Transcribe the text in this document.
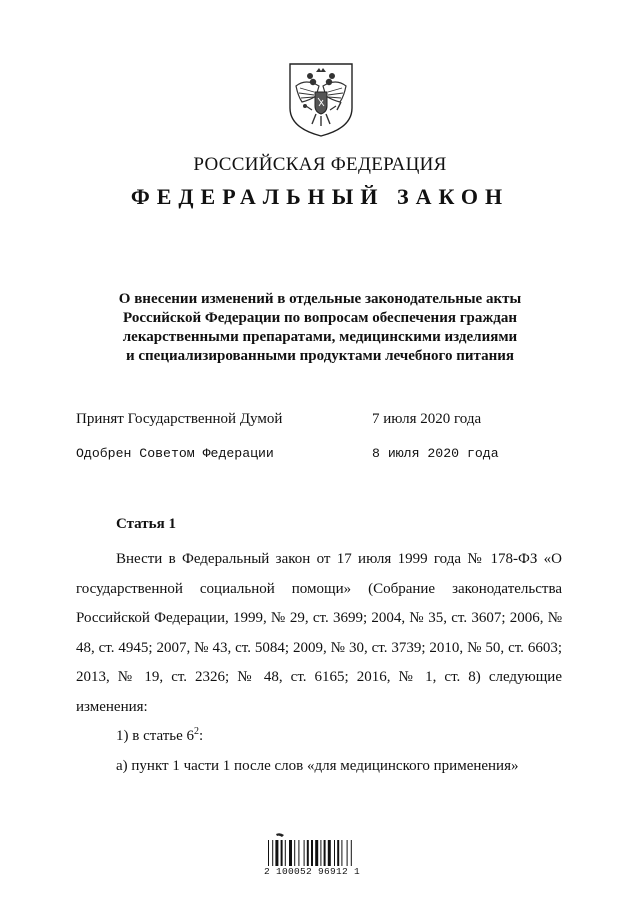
РОССИЙСКАЯ ФЕДЕРАЦИЯ
ФЕДЕРАЛЬНЫЙ ЗАКОН
О внесении изменений в отдельные законодательные акты
Российской Федерации по вопросам обеспечения граждан
лекарственными препаратами, медицинскими изделиями
и специализированными продуктами лечебного питания
Принят Государственной Думой	7 июля 2020 года
Одобрен Советом Федерации	8 июля 2020 года
Статья 1

Внести в Федеральный закон от 17 июля 1999 года № 178-ФЗ «О государственной социальной помощи» (Собрание законодательства Российской Федерации, 1999, № 29, ст. 3699; 2004, № 35, ст. 3607; 2006, № 48, ст. 4945; 2007, № 43, ст. 5084; 2009, № 30, ст. 3739; 2010, № 50, ст. 6603; 2013, № 19, ст. 2326; № 48, ст. 6165; 2016, № 1, ст. 8) следующие изменения:

1) в статье $6^2$:

а) пункт 1 части 1 после слов «для медицинского применения»

2 100052 96912 1
